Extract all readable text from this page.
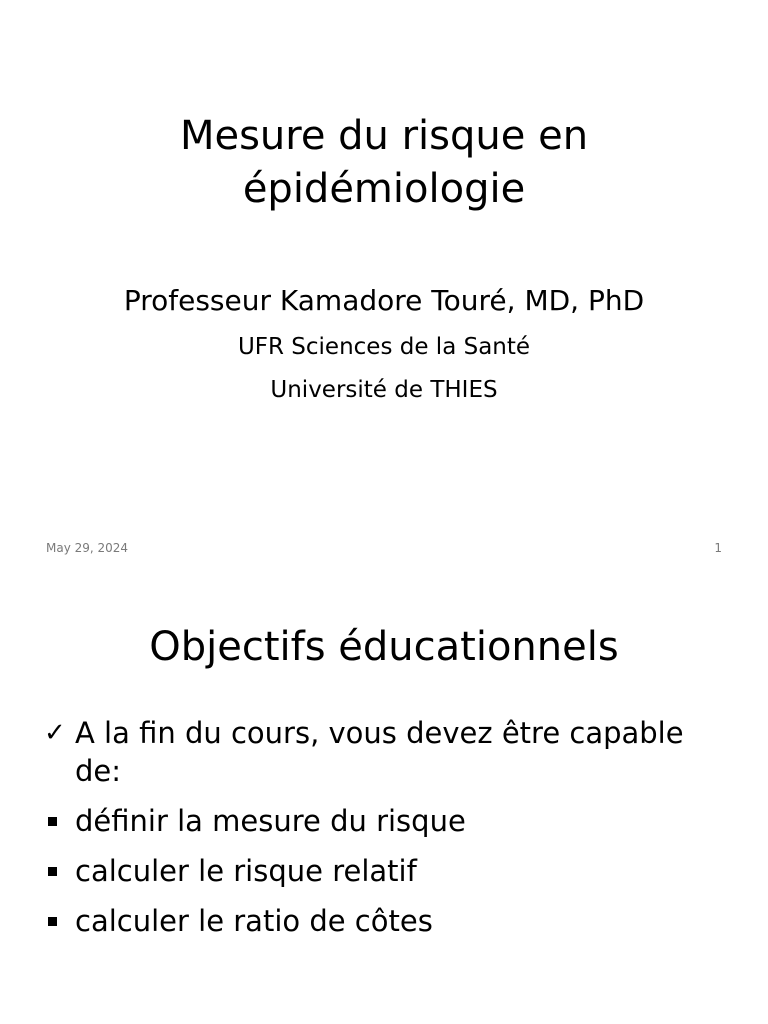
Mesure du risque en
épidémiologie
Professeur Kamadore Touré, MD, PhD
UFR Sciences de la Santé
Université de THIES
May 29, 2024	1
Objectifs éducationnels
✓ A la fin du cours, vous devez être capable de:
définir la mesure du risque
calculer le risque relatif
calculer le ratio de côtes
